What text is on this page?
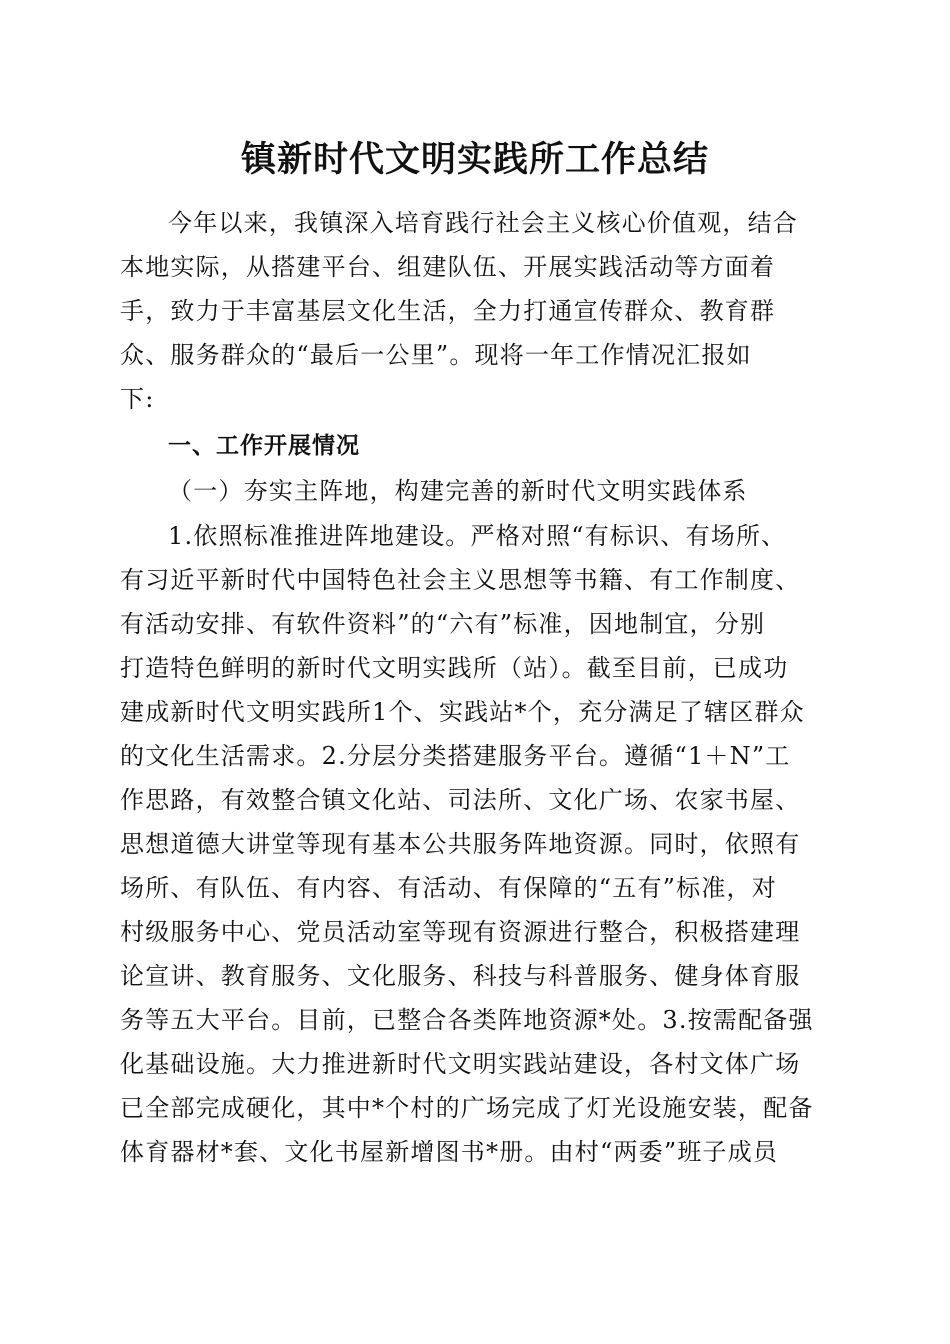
镇新时代文明实践所工作总结
今年以来，我镇深入培育践行社会主义核心价值观，结合
本地实际，从搭建平台、组建队伍、开展实践活动等方面着
手，致力于丰富基层文化生活，全力打通宣传群众、教育群
众、服务群众的“最后一公里”。现将一年工作情况汇报如
下:
一、工作开展情况
（一）夯实主阵地，构建完善的新时代文明实践体系
1.依照标准推进阵地建设。严格对照“有标识、有场所、
有习近平新时代中国特色社会主义思想等书籍、有工作制度、
有活动安排、有软件资料”的“六有”标准，因地制宜，分别
打造特色鲜明的新时代文明实践所（站）。截至目前，已成功
建成新时代文明实践所1个、实践站*个，充分满足了辖区群众
的文化生活需求。2.分层分类搭建服务平台。遵循“1＋N”工
作思路，有效整合镇文化站、司法所、文化广场、农家书屋、
思想道德大讲堂等现有基本公共服务阵地资源。同时，依照有
场所、有队伍、有内容、有活动、有保障的“五有”标准，对
村级服务中心、党员活动室等现有资源进行整合，积极搭建理
论宣讲、教育服务、文化服务、科技与科普服务、健身体育服
务等五大平台。目前，已整合各类阵地资源*处。3.按需配备强
化基础设施。大力推进新时代文明实践站建设，各村文体广场
已全部完成硬化，其中*个村的广场完成了灯光设施安装，配备
体育器材*套、文化书屋新增图书*册。由村“两委”班子成员
